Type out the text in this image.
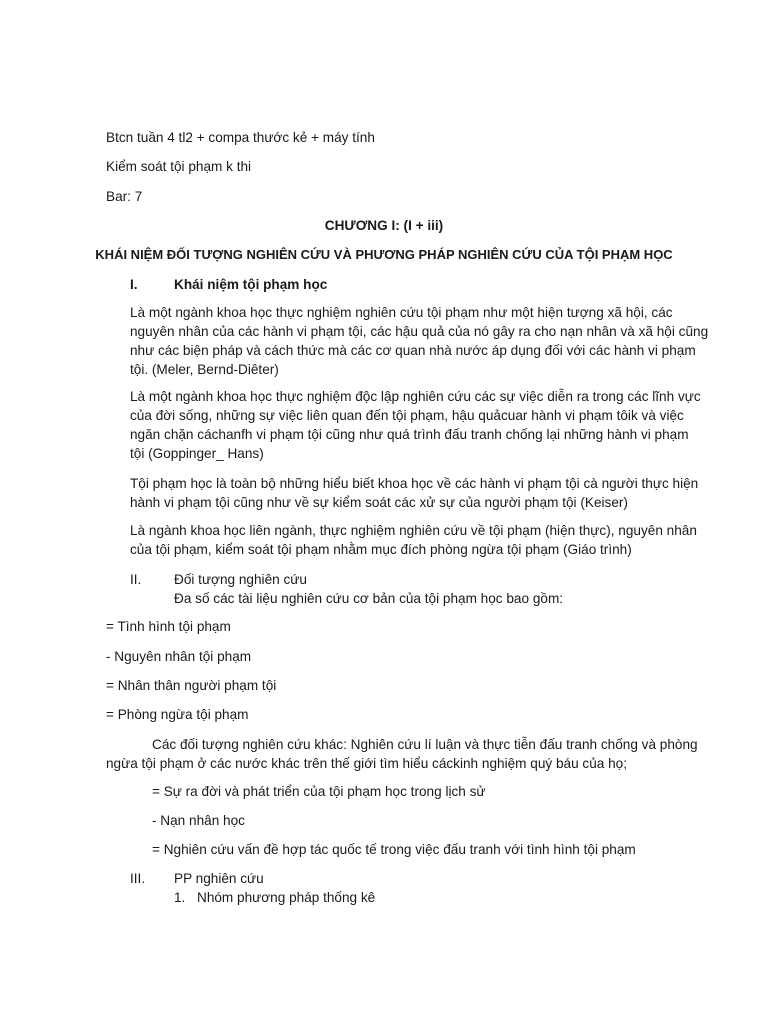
Btcn tuần 4 tl2 + compa thước kẻ + máy tính
Kiểm soát tội phạm k thi
Bar: 7
CHƯƠNG I: (I + iii)
KHÁI NIỆM ĐỐI TƯỢNG NGHIÊN CỨU VÀ PHƯƠNG PHÁP NGHIÊN CỨU CỦA TỘI PHẠM HỌC
I.	Khái niệm tội phạm học
Là một ngành khoa học thực nghiệm nghiên cứu tội phạm như một hiện tượng xã hội, các
nguyên nhân của các hành vi phạm tội, các hậu quả của nó gây ra cho nạn nhân và xã hội cũng
như các biện pháp và cách thức mà các cơ quan nhà nước áp dụng đối với các hành vi phạm
tội. (Meler, Bernd-Diêter)
Là một ngành khoa học thực nghiệm độc lập nghiên cứu các sự việc diễn ra trong các lĩnh vực
của đời sống, những sự việc liên quan đến tội phạm, hậu quảcuar hành vi phạm tôik và việc
ngăn chặn cáchanfh vi phạm tội cũng như quá trình đấu tranh chống lại những hành vi phạm
tội (Goppinger_ Hans)
Tội phạm học là toàn bộ những hiểu biết khoa học về các hành vi phạm tội cà người thực hiện
hành vi phạm tội cũng như về sự kiểm soát các xử sự của người phạm tội (Keiser)
Là ngành khoa học liên ngành, thực nghiệm nghiên cứu về tội phạm (hiện thực), nguyên nhân
của tội phạm, kiểm soát tội phạm nhằm mục đích phòng ngừa tội phạm (Giáo trình)
II. Đối tượng nghiên cứu
Đa số các tài liệu nghiên cứu cơ bản của tội phạm học bao gồm:
= Tình hình tội phạm
- Nguyên nhân tội phạm
= Nhân thân người phạm tội
= Phòng ngừa tội phạm
Các đối tượng nghiên cứu khác: Nghiên cứu lí luận và thực tiễn đấu tranh chống và phòng
ngừa tội phạm ở các nước khác trên thế giới tìm hiểu cáckinh nghiệm quý báu của họ;
= Sự ra đời và phát triển của tội phạm học trong lịch sử
- Nạn nhân học
= Nghiên cứu vấn đề hợp tác quốc tế trong việc đấu tranh với tình hình tội phạm
III. PP nghiên cứu
1. Nhóm phương pháp thống kê
